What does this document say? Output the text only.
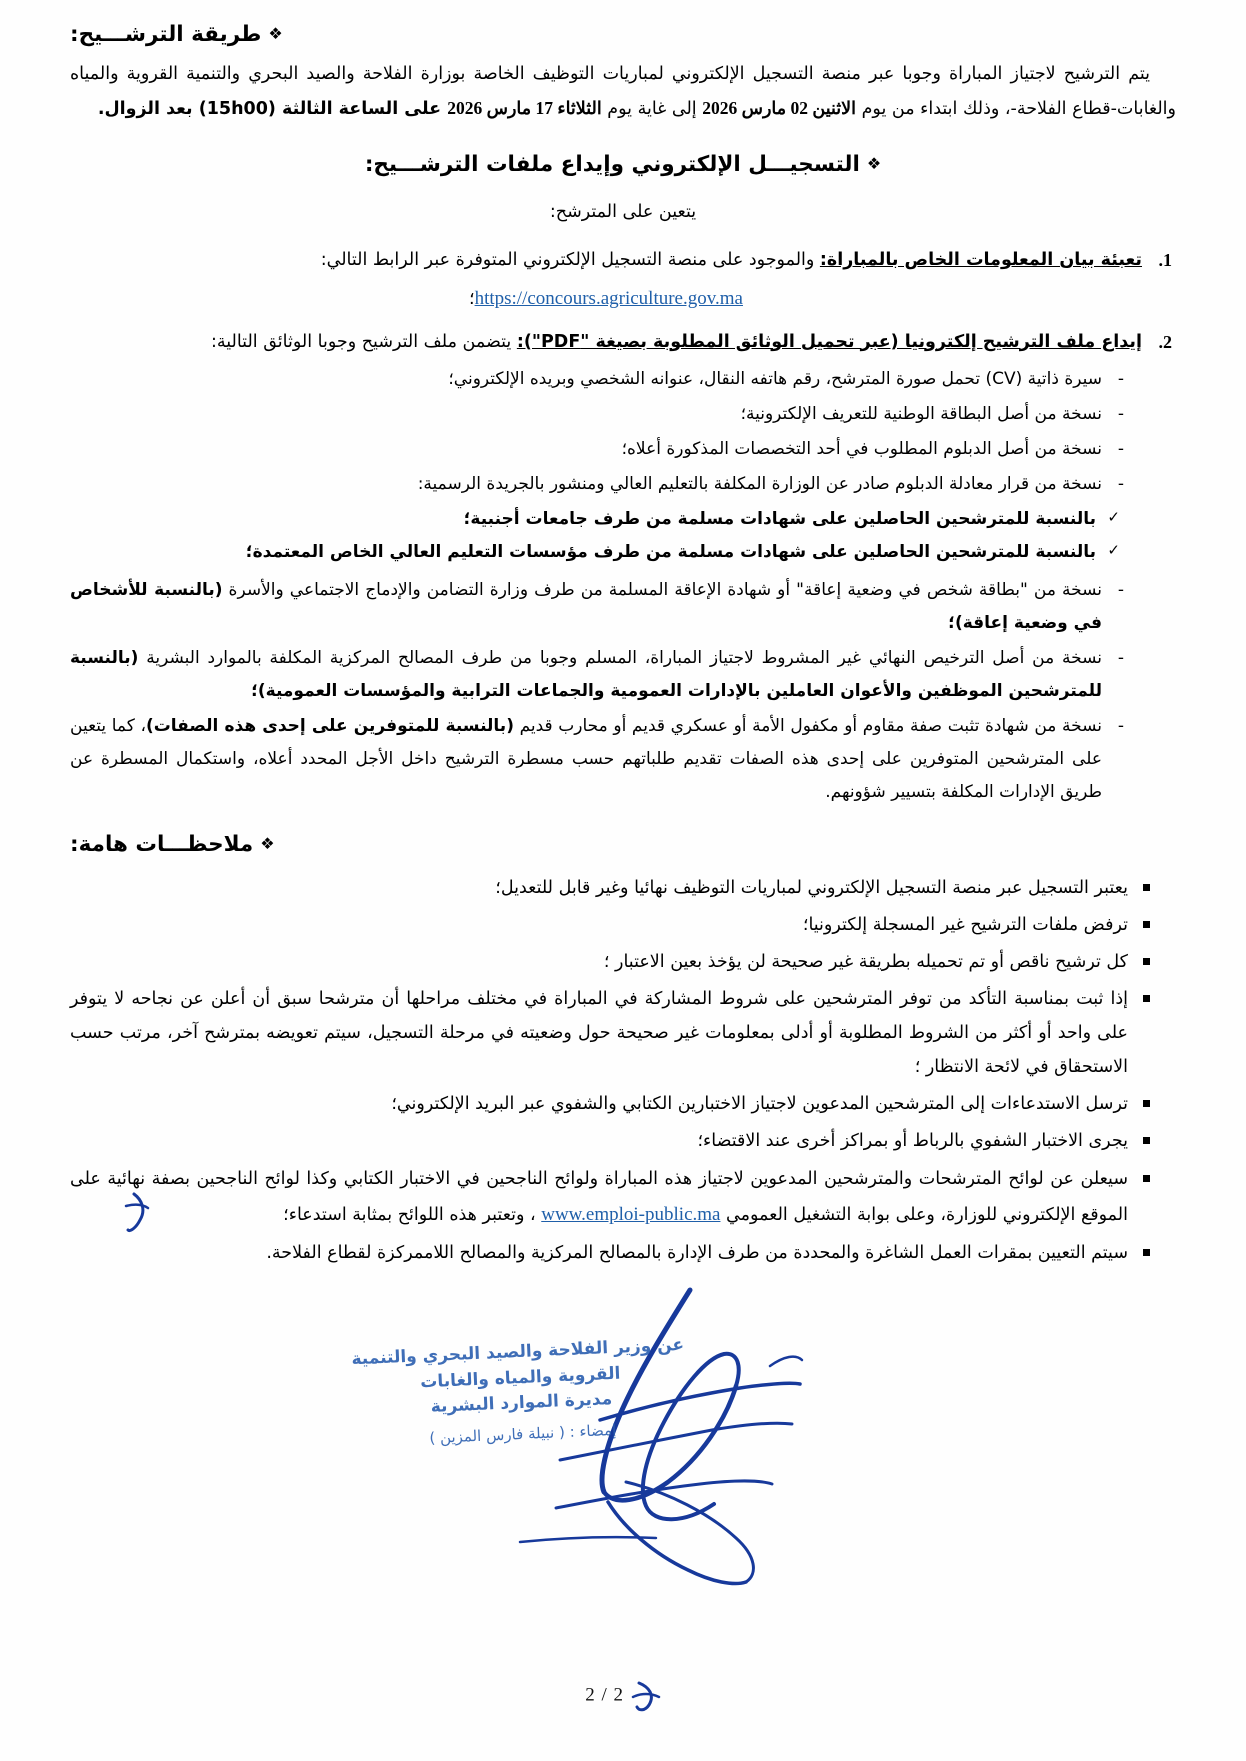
❖
طريقة الترشـــيح:

يتم الترشيح لاجتياز المباراة وجوبا عبر منصة التسجيل الإلكتروني لمباريات التوظيف الخاصة بوزارة الفلاحة والصيد البحري والتنمية القروية والمياه والغابات-قطاع الفلاحة-، وذلك ابتداء من يوم الاثنين 02 مارس 2026 إلى غاية يوم الثلاثاء 17 مارس 2026 على الساعة الثالثة (15h00) بعد الزوال.

❖
التسجيـــل الإلكتروني وإيداع ملفات الترشـــيح:

يتعين على المترشح:

تعبئة بيان المعلومات الخاص بالمباراة: والموجود على منصة التسجيل الإلكتروني المتوفرة عبر الرابط التالي:
https://concours.agriculture.gov.ma؛
إيداع ملف الترشيح إلكترونيا (عبر تحميل الوثائق المطلوبة بصيغة "PDF"): يتضمن ملف الترشيح وجوبا الوثائق التالية:
- سيرة ذاتية (CV) تحمل صورة المترشح، رقم هاتفه النقال، عنوانه الشخصي وبريده الإلكتروني؛
- نسخة من أصل البطاقة الوطنية للتعريف الإلكترونية؛
- نسخة من أصل الدبلوم المطلوب في أحد التخصصات المذكورة أعلاه؛
- نسخة من قرار معادلة الدبلوم صادر عن الوزارة المكلفة بالتعليم العالي ومنشور بالجريدة الرسمية:
✓ بالنسبة للمترشحين الحاصلين على شهادات مسلمة من طرف جامعات أجنبية؛
✓ بالنسبة للمترشحين الحاصلين على شهادات مسلمة من طرف مؤسسات التعليم العالي الخاص المعتمدة؛
- نسخة من "بطاقة شخص في وضعية إعاقة" أو شهادة الإعاقة المسلمة من طرف وزارة التضامن والإدماج الاجتماعي والأسرة (بالنسبة للأشخاص في وضعية إعاقة)؛
- نسخة من أصل الترخيص النهائي غير المشروط لاجتياز المباراة، المسلم وجوبا من طرف المصالح المركزية المكلفة بالموارد البشرية (بالنسبة للمترشحين الموظفين والأعوان العاملين بالإدارات العمومية والجماعات الترابية والمؤسسات العمومية)؛
- نسخة من شهادة تثبت صفة مقاوم أو مكفول الأمة أو عسكري قديم أو محارب قديم (بالنسبة للمتوفرين على إحدى هذه الصفات)، كما يتعين على المترشحين المتوفرين على إحدى هذه الصفات تقديم طلباتهم حسب مسطرة الترشيح داخل الأجل المحدد أعلاه، واستكمال المسطرة عن طريق الإدارات المكلفة بتسيير شؤونهم.
❖
ملاحظـــات هامة:
يعتبر التسجيل عبر منصة التسجيل الإلكتروني لمباريات التوظيف نهائيا وغير قابل للتعديل؛
ترفض ملفات الترشيح غير المسجلة إلكترونيا؛
كل ترشيح ناقص أو تم تحميله بطريقة غير صحيحة لن يؤخذ بعين الاعتبار ؛
إذا ثبت بمناسبة التأكد من توفر المترشحين على شروط المشاركة في المباراة في مختلف مراحلها أن مترشحا سبق أن أعلن عن نجاحه لا يتوفر على واحد أو أكثر من الشروط المطلوبة أو أدلى بمعلومات غير صحيحة حول وضعيته في مرحلة التسجيل، سيتم تعويضه بمترشح آخر، مرتب حسب الاستحقاق في لائحة الانتظار ؛
ترسل الاستدعاءات إلى المترشحين المدعوين لاجتياز الاختبارين الكتابي والشفوي عبر البريد الإلكتروني؛
يجرى الاختبار الشفوي بالرباط أو بمراكز أخرى عند الاقتضاء؛
سيعلن عن لوائح المترشحات والمترشحين المدعوين لاجتياز هذه المباراة ولوائح الناجحين في الاختبار الكتابي وكذا لوائح الناجحين بصفة نهائية على الموقع الإلكتروني للوزارة، وعلى بوابة التشغيل العمومي www.emploi-public.ma ، وتعتبر هذه اللوائح بمثابة استدعاء؛
سيتم التعيين بمقرات العمل الشاغرة والمحددة من طرف الإدارة بالمصالح المركزية والمصالح اللاممركزة لقطاع الفلاحة.
عن وزير الفلاحة والصيد البحري والتنمية
القروية والمياه والغابات
مديرة الموارد البشرية
إمضاء : ( نبيلة فارس المزين )
2 / 2
